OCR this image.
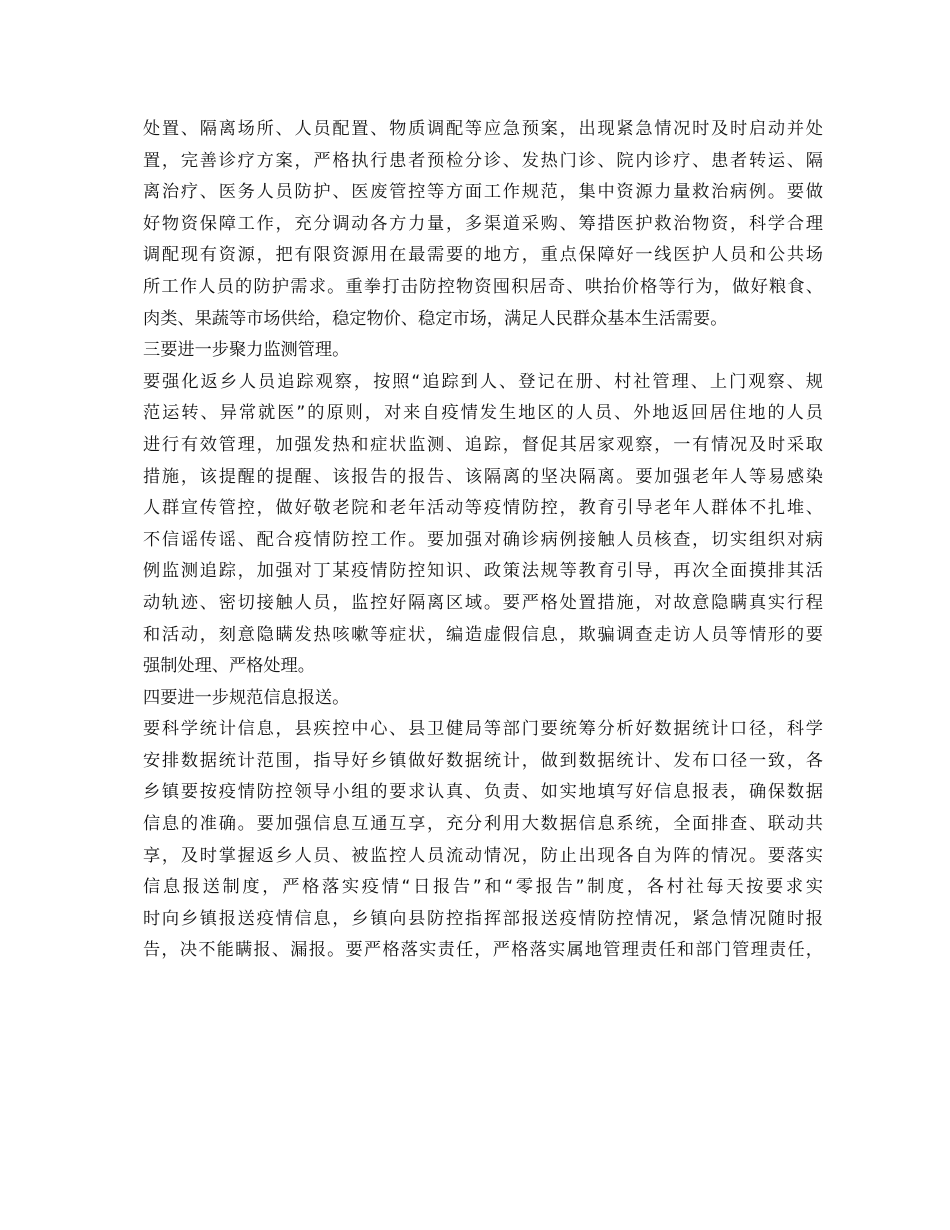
处置、隔离场所、人员配置、物质调配等应急预案，出现紧急情况时及时启动并处
置，完善诊疗方案，严格执行患者预检分诊、发热门诊、院内诊疗、患者转运、隔
离治疗、医务人员防护、医废管控等方面工作规范，集中资源力量救治病例。要做
好物资保障工作，充分调动各方力量，多渠道采购、筹措医护救治物资，科学合理
调配现有资源，把有限资源用在最需要的地方，重点保障好一线医护人员和公共场
所工作人员的防护需求。重拳打击防控物资囤积居奇、哄抬价格等行为，做好粮食、
肉类、果蔬等市场供给，稳定物价、稳定市场，满足人民群众基本生活需要。
三要进一步聚力监测管理。
要强化返乡人员追踪观察，按照“追踪到人、登记在册、村社管理、上门观察、规
范运转、异常就医”的原则，对来自疫情发生地区的人员、外地返回居住地的人员
进行有效管理，加强发热和症状监测、追踪，督促其居家观察，一有情况及时采取
措施，该提醒的提醒、该报告的报告、该隔离的坚决隔离。要加强老年人等易感染
人群宣传管控，做好敬老院和老年活动等疫情防控，教育引导老年人群体不扎堆、
不信谣传谣、配合疫情防控工作。要加强对确诊病例接触人员核查，切实组织对病
例监测追踪，加强对丁某疫情防控知识、政策法规等教育引导，再次全面摸排其活
动轨迹、密切接触人员，监控好隔离区域。要严格处置措施，对故意隐瞒真实行程
和活动，刻意隐瞒发热咳嗽等症状，编造虚假信息，欺骗调查走访人员等情形的要
强制处理、严格处理。
四要进一步规范信息报送。
要科学统计信息，县疾控中心、县卫健局等部门要统筹分析好数据统计口径，科学
安排数据统计范围，指导好乡镇做好数据统计，做到数据统计、发布口径一致，各
乡镇要按疫情防控领导小组的要求认真、负责、如实地填写好信息报表，确保数据
信息的准确。要加强信息互通互享，充分利用大数据信息系统，全面排查、联动共
享，及时掌握返乡人员、被监控人员流动情况，防止出现各自为阵的情况。要落实
信息报送制度，严格落实疫情“日报告”和“零报告”制度，各村社每天按要求实
时向乡镇报送疫情信息，乡镇向县防控指挥部报送疫情防控情况，紧急情况随时报
告，决不能瞒报、漏报。要严格落实责任，严格落实属地管理责任和部门管理责任，
